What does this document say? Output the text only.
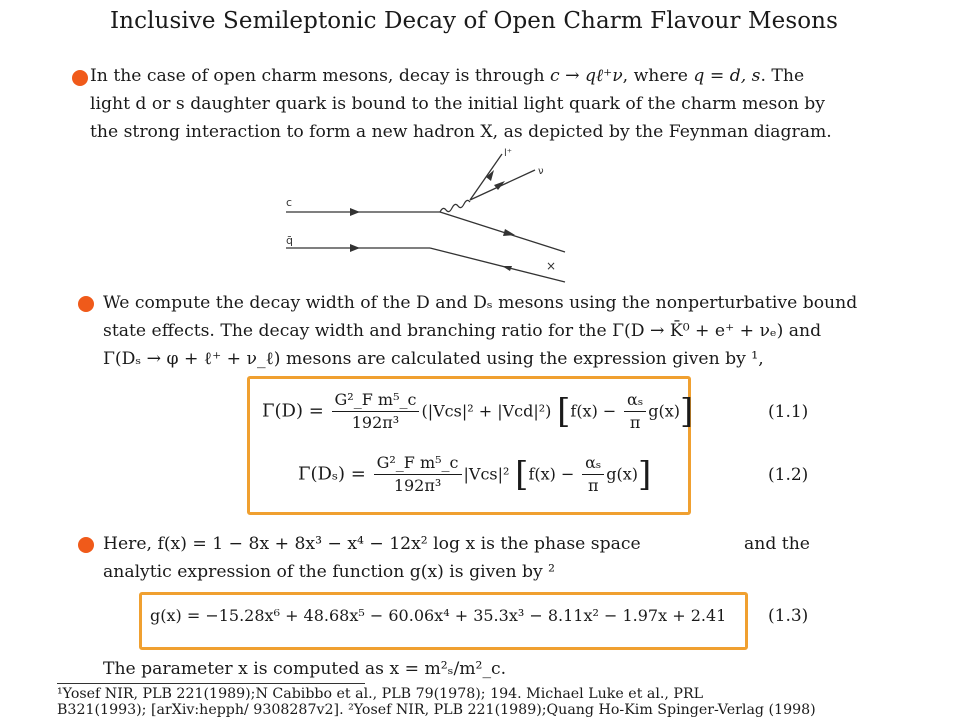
Inclusive Semileptonic Decay of Open Charm Flavour Mesons
In the case of open charm mesons, decay is through c → qℓ⁺ν, where q = d, s. The
light d or s daughter quark is bound to the initial light quark of the charm meson by
the strong interaction to form a new hadron X, as depicted by the Feynman diagram.
c
q̄
l⁺
ν
×
We compute the decay width of the D and Dₛ mesons using the nonperturbative bound
state effects. The decay width and branching ratio for the Γ(D → K̄⁰ + e⁺ + νₑ) and
Γ(Dₛ → φ + ℓ⁺ + ν_ℓ) mesons are calculated using the expression given by ¹,
$\Gamma(D) = \frac{\text{G²\_F m⁵\_c}}{\text{192π³}} (|Vcs|^2 + |Vcd|^2) [f(x) - \frac{\text{αₛ}}{\pi} g(x)]$	(1.1)
$\Gamma(D_s) = \frac{\text{G²\_F m⁵\_c}}{\text{192π³}} |Vcs|^2$ $[f(x) - \frac{\text{αₛ}}{\pi} g(x)]$	(1.2)
Here, f(x) = 1 − 8x + 8x³ − x⁴ − 12x² log x is the phase space	and the
analytic expression of the function g(x) is given by ²
g(x) = −15.28x⁶ + 48.68x⁵ − 60.06x⁴ + 35.3x³ − 8.11x² − 1.97x + 2.41 (1.3)
The parameter x is computed as x = m²ₛ/m²_c.
¹Yosef NIR, PLB 221(1989);N Cabibbo et al., PLB 79(1978); 194. Michael Luke et al., PRL
B321(1993); [arXiv:hepph/ 9308287v2]. ²Yosef NIR, PLB 221(1989);Quang Ho-Kim Spinger-Verlag (1998)
